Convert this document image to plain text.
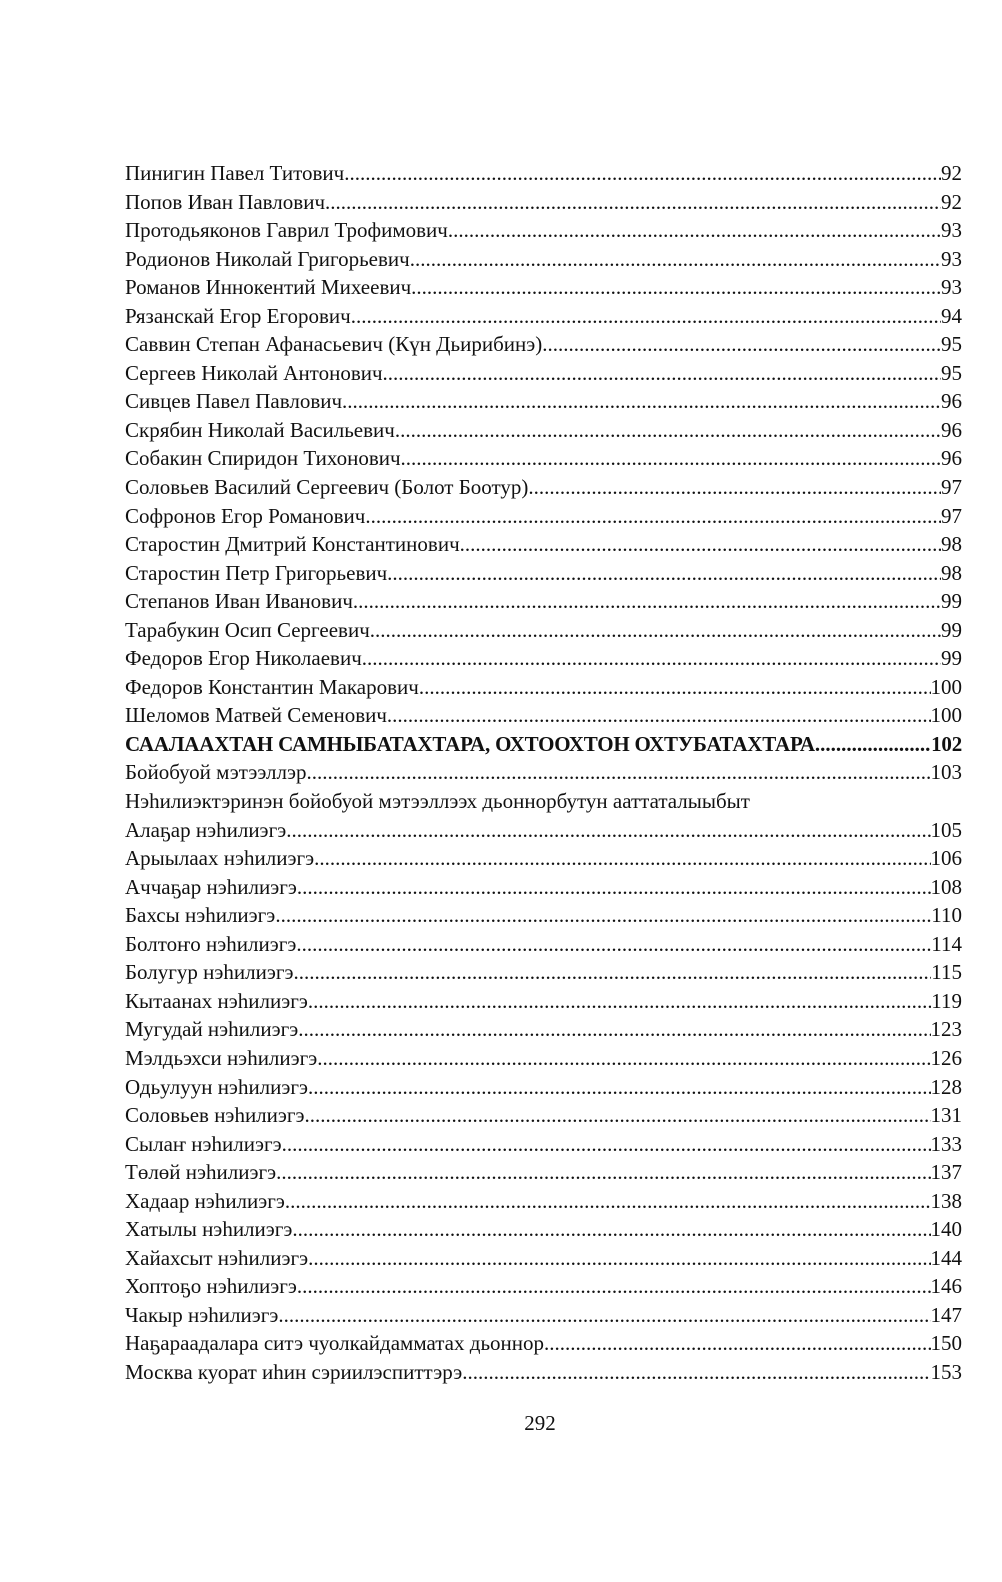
Пинигин Павел Титович .....	92
Попов Иван Павлович .....	92
Протодьяконов Гаврил Трофимович .....	93
Родионов Николай Григорьевич .....	93
Романов Иннокентий Михеевич .....	93
Рязанскай Егор Егорович .....	94
Саввин Степан Афанасьевич (Күн Дьирибинэ) .....	95
Сергеев Николай Антонович .....	95
Сивцев Павел Павлович .....	96
Скрябин Николай Васильевич .....	96
Собакин Спиридон Тихонович .....	96
Соловьев Василий Сергеевич (Болот Боотур) .....	97
Софронов Егор Романович .....	97
Старостин Дмитрий Константинович .....	98
Старостин Петр Григорьевич .....	98
Степанов Иван Иванович .....	99
Тарабукин Осип Сергеевич .....	99
Федоров Егор Николаевич .....	99
Федоров Константин Макарович .....	100
Шеломов Матвей Семенович .....	100
СААЛААХТАН САМНЫБАТАХТАРА, ОХТООХТОН ОХТУБАТАХТАРА .....	102
Бойобуой мэтээллэр .....	103
Нэһилиэктэринэн бойобуой мэтээллээх дьоннорбутун ааттаталыыбыт
Алаҕар нэһилиэгэ .....	105
Арыылаах нэһилиэгэ .....	106
Аччаҕар нэһилиэгэ .....	108
Бахсы нэһилиэгэ .....	110
Болтоҥо нэһилиэгэ .....	114
Болугур нэһилиэгэ .....	115
Кытаанах нэһилиэгэ .....	119
Мугудай нэһилиэгэ .....	123
Мэлдьэхси нэһилиэгэ .....	126
Одьулуун нэһилиэгэ .....	128
Соловьев нэһилиэгэ .....	131
Сылаҥ нэһилиэгэ .....	133
Төлөй нэһилиэгэ .....	137
Хадаар нэһилиэгэ .....	138
Хатылы нэһилиэгэ .....	140
Хайахсыт нэһилиэгэ .....	144
Хоптоҕо нэһилиэгэ .....	146
Чакыр нэһилиэгэ .....	147
Наҕараадалара ситэ чуолкайдамматах дьоннор .....	150
Москва куорат иһин сэриилэспиттэрэ .....	153
292
